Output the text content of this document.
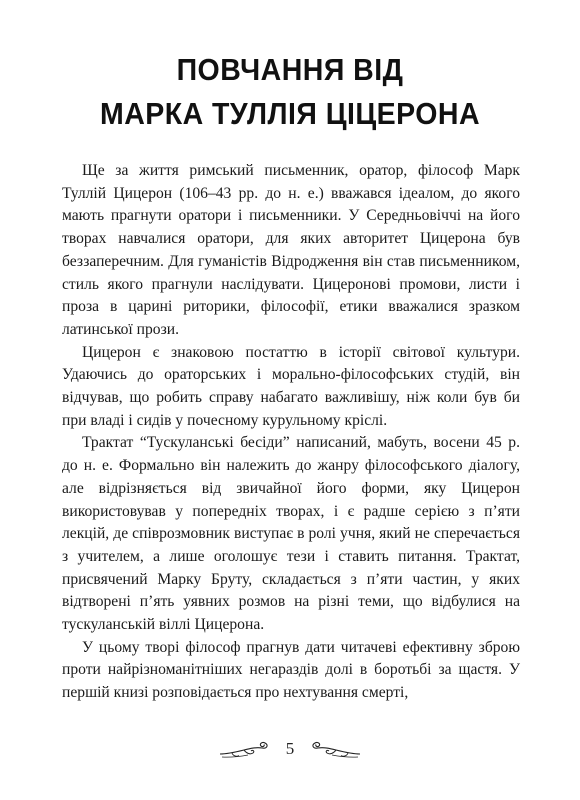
ПОВЧАННЯ ВІД
МАРКА ТУЛЛІЯ ЦІЦЕРОНА

Ще за життя римський письменник, оратор, філософ Марк Туллій Цицерон (106–43 рр. до н. е.) вважався ідеалом, до якого мають прагнути оратори і письменники. У Середньовіччі на його творах навчалися оратори, для яких авторитет Цицерона був беззаперечним. Для гуманістів Відродження він став письменником, стиль якого прагнули наслідувати. Цицеронові промови, листи і проза в царині риторики, філософії, етики вважалися зразком латинської прози.

Цицерон є знаковою постаттю в історії світової культури. Удаючись до ораторських і морально-філософських студій, він відчував, що робить справу набагато важливішу, ніж коли був би при владі і сидів у почесному курульному кріслі.

Трактат “Тускуланські бесіди” написаний, мабуть, восени 45 р. до н. е. Формально він належить до жанру філософського діалогу, але відрізняється від звичайної його форми, яку Цицерон використовував у попередніх творах, і є радше серією з п’яти лекцій, де співрозмовник виступає в ролі учня, який не сперечається з учителем, а лише оголошує тези і ставить питання. Трактат, присвячений Марку Бруту, складається з п’яти частин, у яких відтворені п’ять уявних розмов на різні теми, що відбулися на тускуланській віллі Цицерона.

У цьому творі філософ прагнув дати читачеві ефективну зброю проти найрізноманітніших негараздів долі в боротьбі за щастя. У першій книзі розповідається про нехтування смерті,

5
